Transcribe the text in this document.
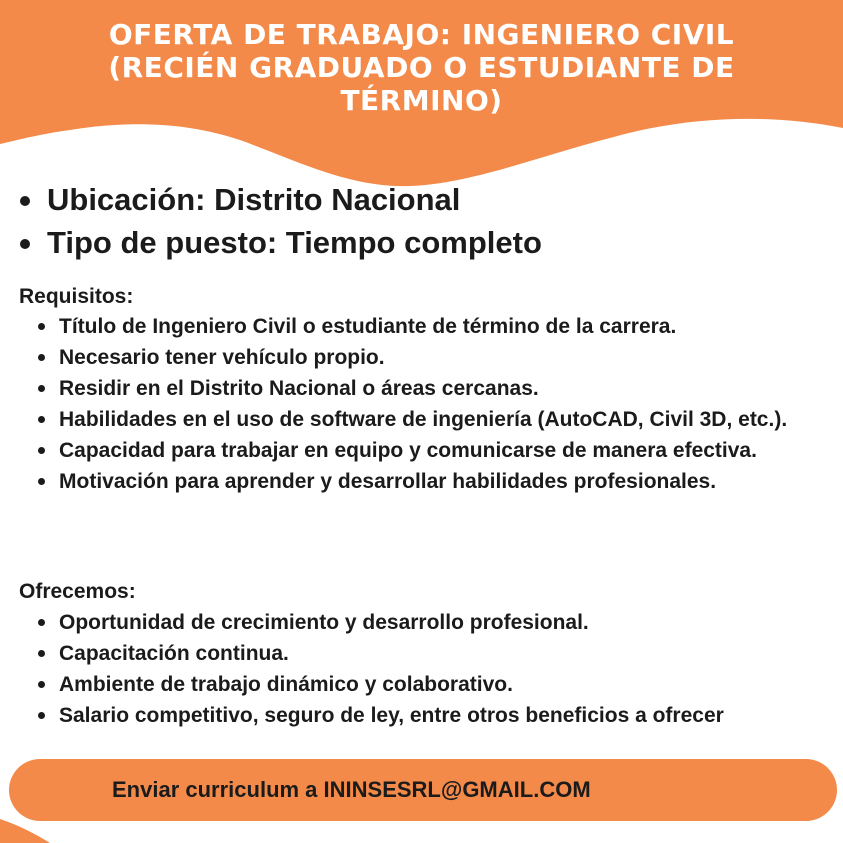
OFERTA DE TRABAJO: INGENIERO CIVIL (RECIÉN GRADUADO O ESTUDIANTE DE TÉRMINO)
Ubicación: Distrito Nacional
Tipo de puesto: Tiempo completo
Requisitos:
Título de Ingeniero Civil o estudiante de término de la carrera.
Necesario tener vehículo propio.
Residir en el Distrito Nacional o áreas cercanas.
Habilidades en el uso de software de ingeniería (AutoCAD, Civil 3D, etc.).
Capacidad para trabajar en equipo y comunicarse de manera efectiva.
Motivación para aprender y desarrollar habilidades profesionales.
Ofrecemos:
Oportunidad de crecimiento y desarrollo profesional.
Capacitación continua.
Ambiente de trabajo dinámico y colaborativo.
Salario competitivo, seguro de ley, entre otros beneficios a ofrecer
Enviar curriculum a ININSESRL@GMAIL.COM
